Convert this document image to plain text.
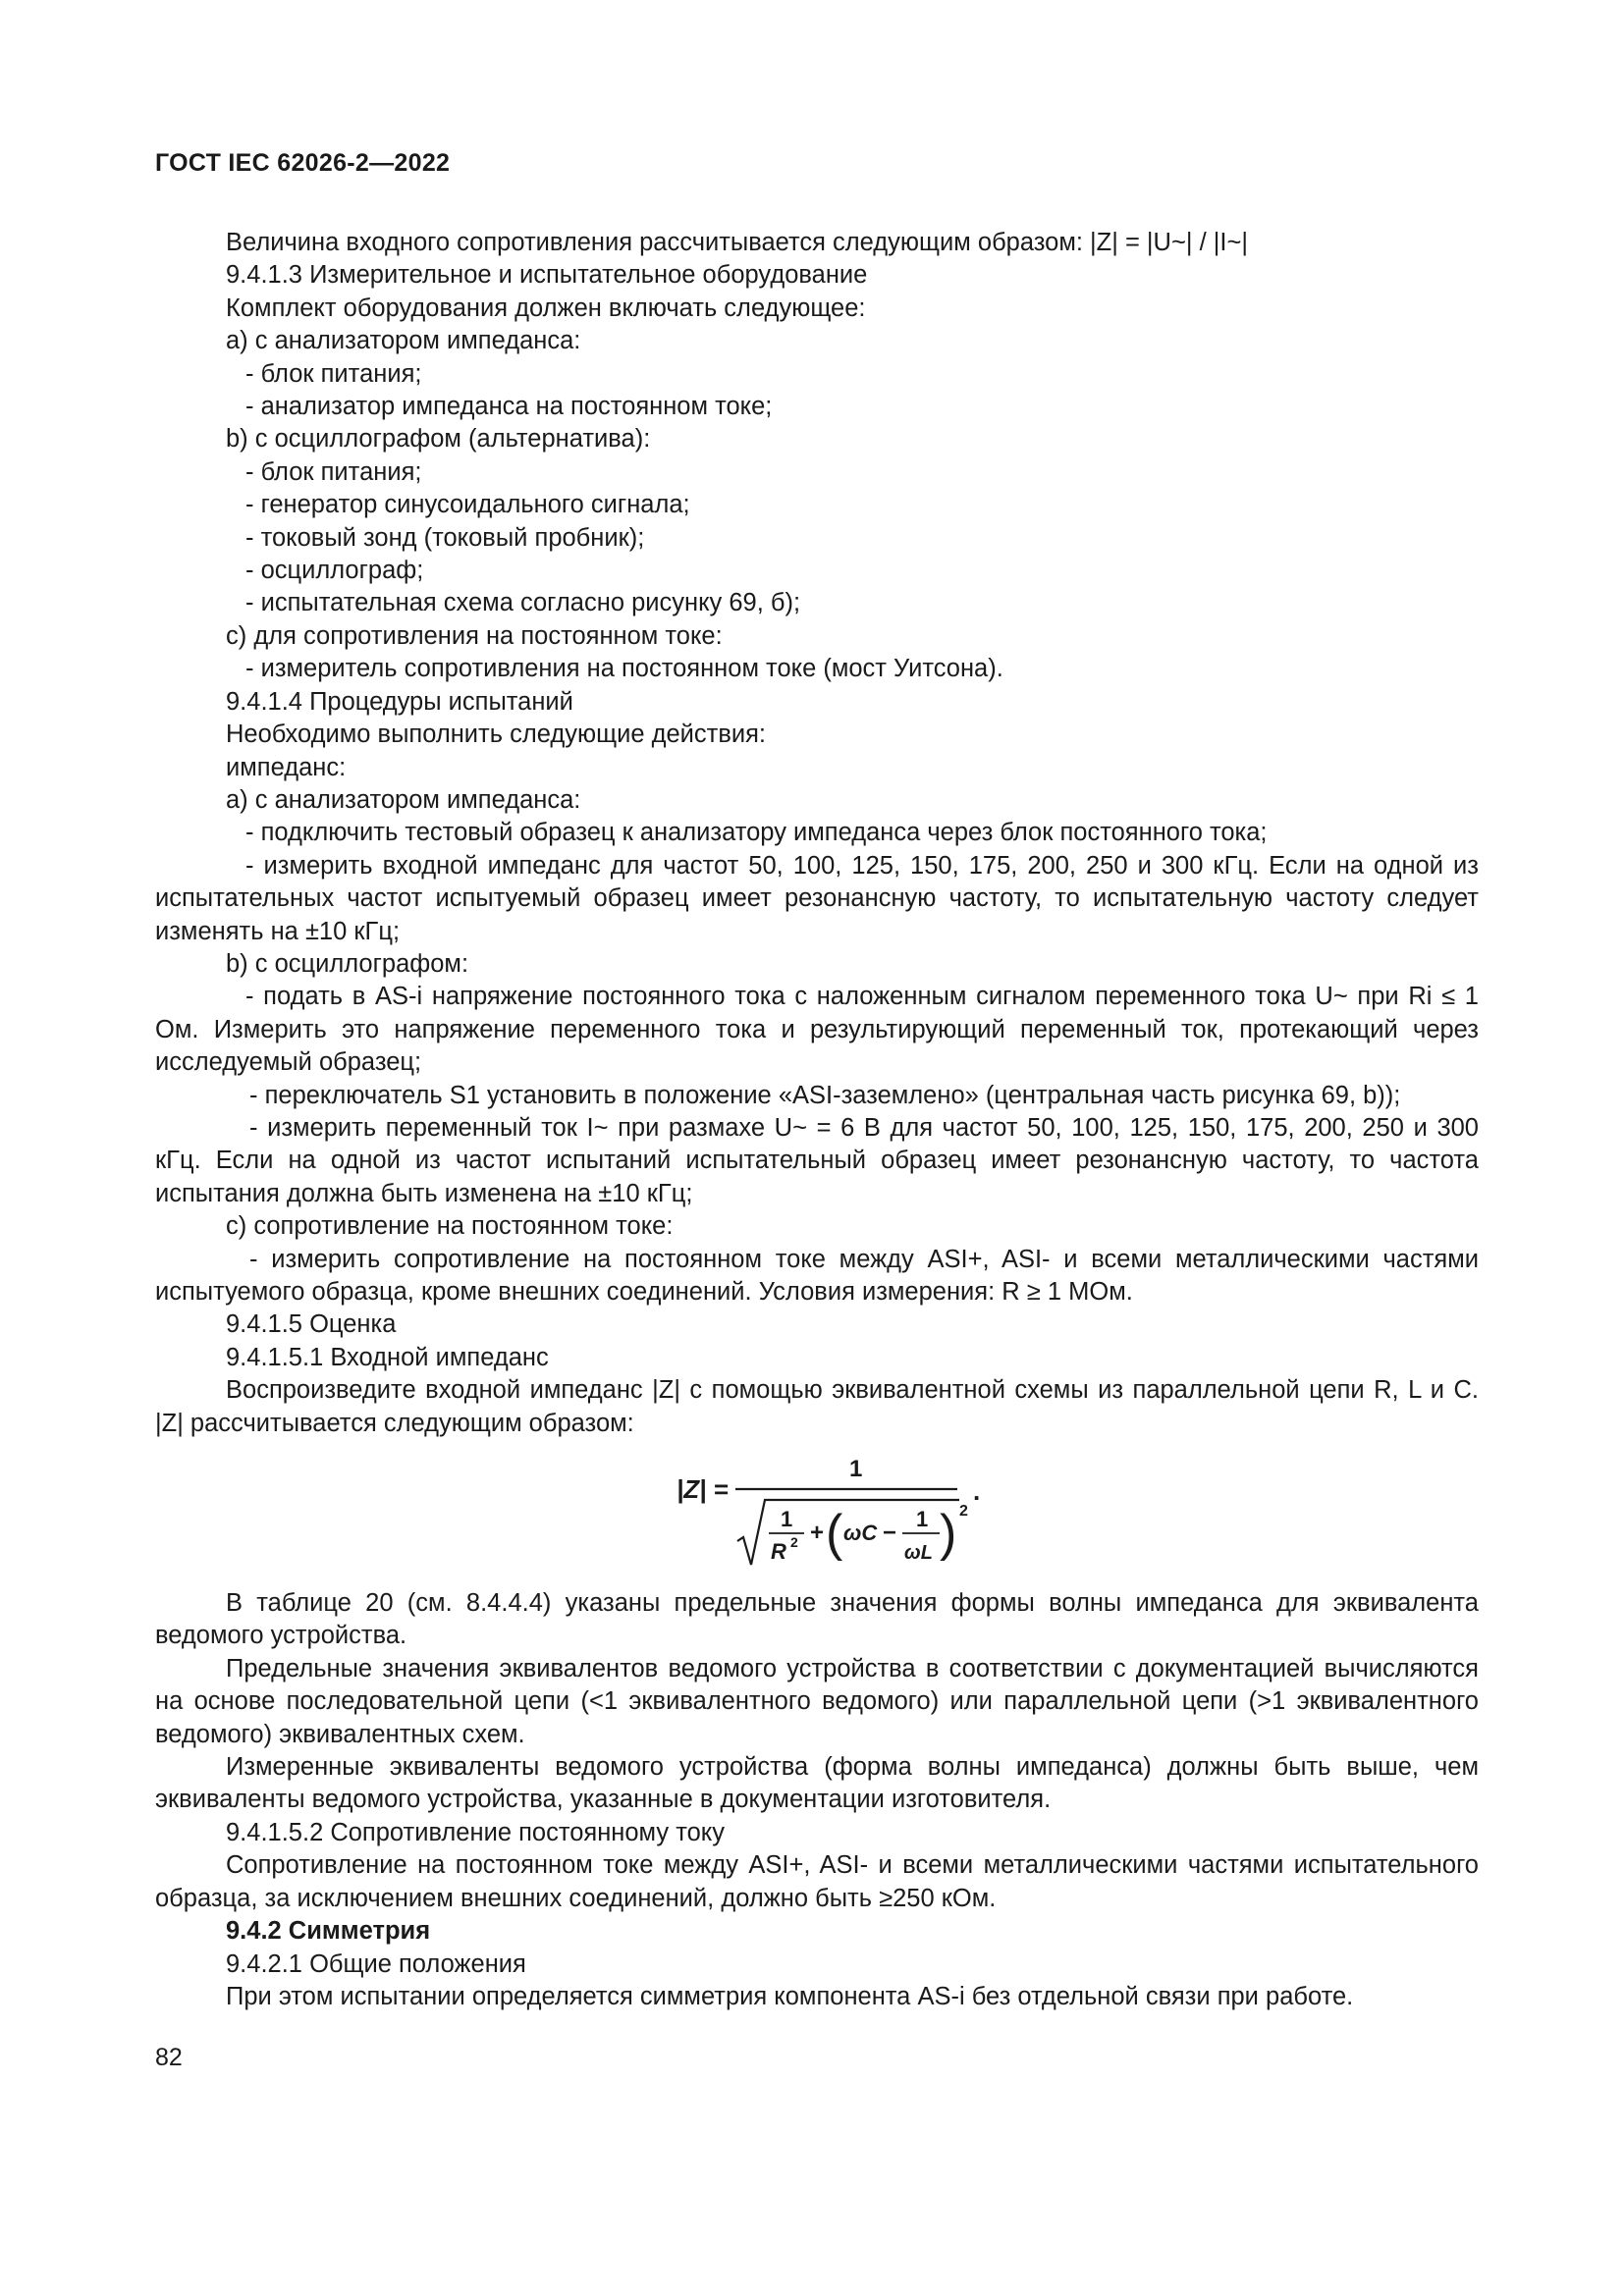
ГОСТ IEC 62026-2—2022

Величина входного сопротивления рассчитывается следующим образом: |Z| = |U~| / |I~|

9.4.1.3 Измерительное и испытательное оборудование

Комплект оборудования должен включать следующее:

a) с анализатором импеданса:

- блок питания;

- анализатор импеданса на постоянном токе;

b) с осциллографом (альтернатива):

- блок питания;

- генератор синусоидального сигнала;

- токовый зонд (токовый пробник);

- осциллограф;

- испытательная схема согласно рисунку 69, б);

c) для сопротивления на постоянном токе:

- измеритель сопротивления на постоянном токе (мост Уитсона).

9.4.1.4 Процедуры испытаний

Необходимо выполнить следующие действия:

импеданс:

a) с анализатором импеданса:

- подключить тестовый образец к анализатору импеданса через блок постоянного тока;

- измерить входной импеданс для частот 50, 100, 125, 150, 175, 200, 250 и 300 кГц. Если на одной из испытательных частот испытуемый образец имеет резонансную частоту, то испытательную частоту следует изменять на ±10 кГц;

b) с осциллографом:

- подать в AS-i напряжение постоянного тока с наложенным сигналом переменного тока U~ при Ri ≤ 1 Ом. Измерить это напряжение переменного тока и результирующий переменный ток, протекающий через исследуемый образец;

- переключатель S1 установить в положение «ASI-заземлено» (центральная часть рисунка 69, b));

- измерить переменный ток I~ при размахе U~ = 6 В для частот 50, 100, 125, 150, 175, 200, 250 и 300 кГц. Если на одной из частот испытаний испытательный образец имеет резонансную частоту, то частота испытания должна быть изменена на ±10 кГц;

c) сопротивление на постоянном токе:

- измерить сопротивление на постоянном токе между ASI+, ASI- и всеми металлическими частями испытуемого образца, кроме внешних соединений. Условия измерения: R ≥ 1 МОм.

9.4.1.5 Оценка

9.4.1.5.1 Входной импеданс

Воспроизведите входной импеданс |Z| с помощью эквивалентной схемы из параллельной цепи R, L и C. |Z| рассчитывается следующим образом:

|Z| =
1
1
R 2 + ( ωC −
1
ωL ) 2
.

В таблице 20 (см. 8.4.4.4) указаны предельные значения формы волны импеданса для эквивалента ведомого устройства.

Предельные значения эквивалентов ведомого устройства в соответствии с документацией вычисляются на основе последовательной цепи (<1 эквивалентного ведомого) или параллельной цепи (>1 эквивалентного ведомого) эквивалентных схем.

Измеренные эквиваленты ведомого устройства (форма волны импеданса) должны быть выше, чем эквиваленты ведомого устройства, указанные в документации изготовителя.

9.4.1.5.2 Сопротивление постоянному току

Сопротивление на постоянном токе между ASI+, ASI- и всеми металлическими частями испытательного образца, за исключением внешних соединений, должно быть ≥250 кОм.

9.4.2 Симметрия

9.4.2.1 Общие положения

При этом испытании определяется симметрия компонента AS-i без отдельной связи при работе.

82
